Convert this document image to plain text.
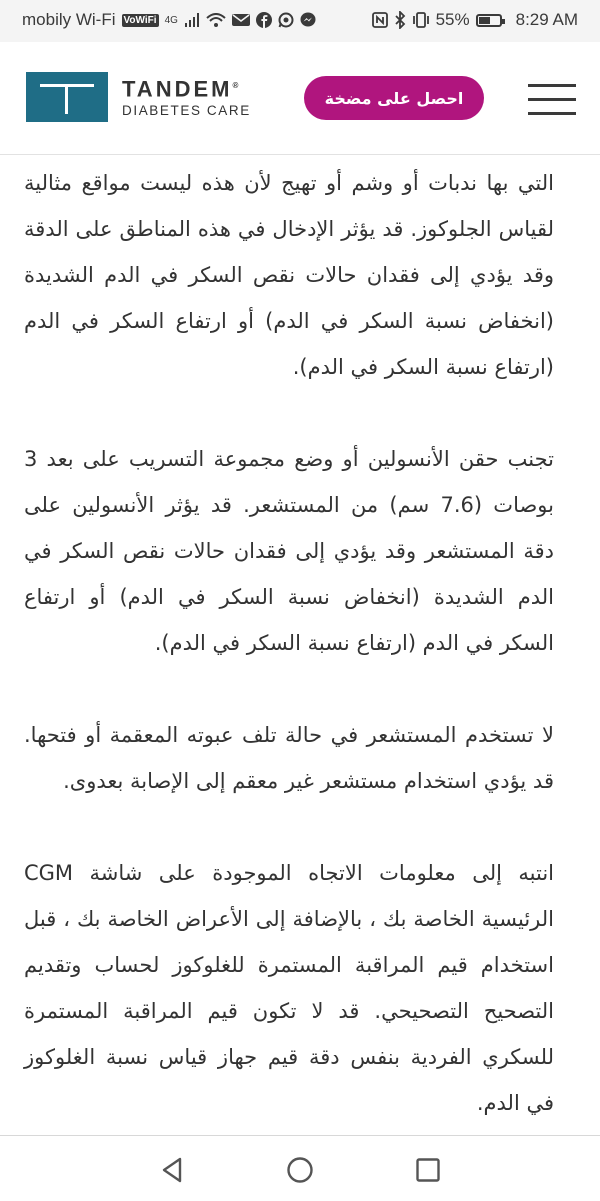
mobily Wi-Fi VoWiFi 4G	55%	8:29 AM
TANDEM®
DIABETES CARE
احصل على مضخة

التي بها ندبات أو وشم أو تهيج لأن هذه ليست مواقع مثالية لقياس الجلوكوز. قد يؤثر الإدخال في هذه المناطق على الدقة وقد يؤدي إلى فقدان حالات نقص السكر في الدم الشديدة (انخفاض نسبة السكر في الدم) أو ارتفاع السكر في الدم (ارتفاع نسبة السكر في الدم).

تجنب حقن الأنسولين أو وضع مجموعة التسريب على بعد 3 بوصات (7.6 سم) من المستشعر. قد يؤثر الأنسولين على دقة المستشعر وقد يؤدي إلى فقدان حالات نقص السكر في الدم الشديدة (انخفاض نسبة السكر في الدم) أو ارتفاع السكر في الدم (ارتفاع نسبة السكر في الدم).

لا تستخدم المستشعر في حالة تلف عبوته المعقمة أو فتحها. قد يؤدي استخدام مستشعر غير معقم إلى الإصابة بعدوى.

انتبه إلى معلومات الاتجاه الموجودة على شاشة CGM الرئيسية الخاصة بك ، بالإضافة إلى الأعراض الخاصة بك ، قبل استخدام قيم المراقبة المستمرة للغلوكوز لحساب وتقديم التصحيح التصحيحي. قد لا تكون قيم المراقبة المستمرة للسكري الفردية بنفس دقة قيم جهاز قياس نسبة الغلوكوز في الدم.
